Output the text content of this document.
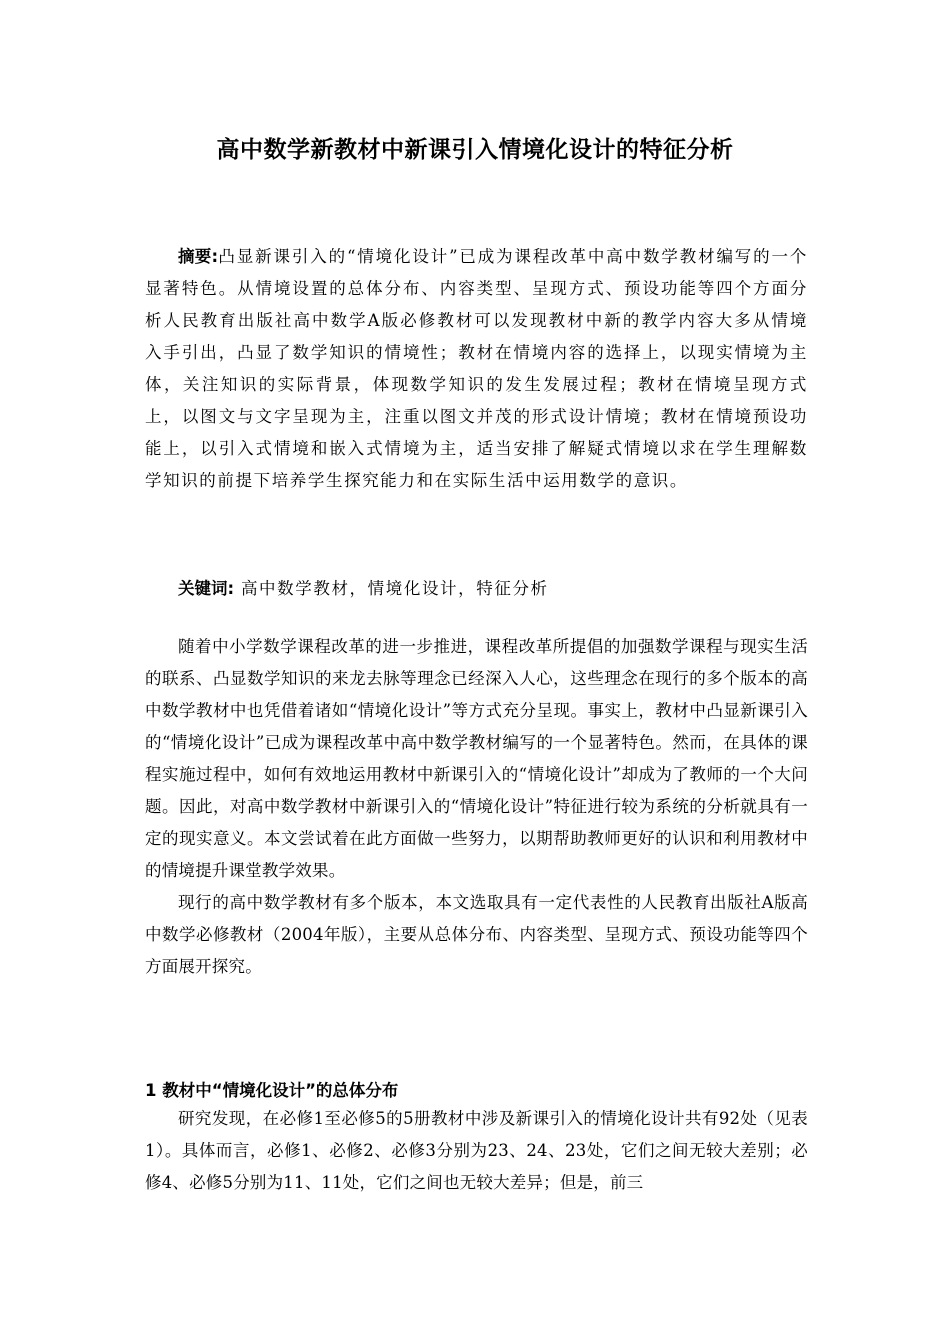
高中数学新教材中新课引入情境化设计的特征分析
摘要:凸显新课引入的“情境化设计”已成为课程改革中高中数学教材编写的一个显著特色。从情境设置的总体分布、内容类型、呈现方式、预设功能等四个方面分析人民教育出版社高中数学A版必修教材可以发现教材中新的教学内容大多从情境入手引出，凸显了数学知识的情境性；教材在情境内容的选择上，以现实情境为主体，关注知识的实际背景，体现数学知识的发生发展过程；教材在情境呈现方式上，以图文与文字呈现为主，注重以图文并茂的形式设计情境；教材在情境预设功能上，以引入式情境和嵌入式情境为主，适当安排了解疑式情境以求在学生理解数学知识的前提下培养学生探究能力和在实际生活中运用数学的意识。
关键词: 高中数学教材，情境化设计，特征分析

随着中小学数学课程改革的进一步推进，课程改革所提倡的加强数学课程与现实生活的联系、凸显数学知识的来龙去脉等理念已经深入人心，这些理念在现行的多个版本的高中数学教材中也凭借着诸如“情境化设计”等方式充分呈现。事实上，教材中凸显新课引入的“情境化设计”已成为课程改革中高中数学教材编写的一个显著特色。然而，在具体的课程实施过程中，如何有效地运用教材中新课引入的“情境化设计”却成为了教师的一个大问题。因此，对高中数学教材中新课引入的“情境化设计”特征进行较为系统的分析就具有一定的现实意义。本文尝试着在此方面做一些努力，以期帮助教师更好的认识和利用教材中的情境提升课堂教学效果。

现行的高中数学教材有多个版本，本文选取具有一定代表性的人民教育出版社A版高中数学必修教材（2004年版），主要从总体分布、内容类型、呈现方式、预设功能等四个方面展开探究。

1 教材中“情境化设计”的总体分布

研究发现，在必修1至必修5的5册教材中涉及新课引入的情境化设计共有92处（见表1）。具体而言，必修1、必修2、必修3分别为23、24、23处，它们之间无较大差别；必修4、必修5分别为11、11处，它们之间也无较大差异；但是，前三
